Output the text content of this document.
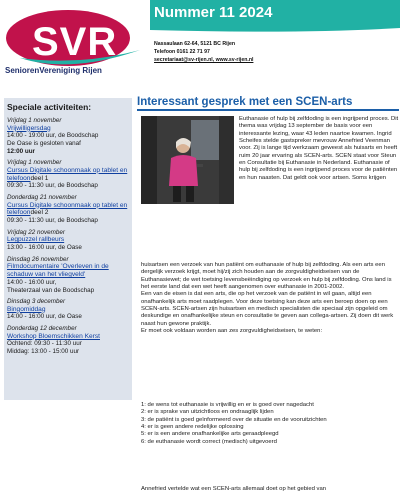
SVR
SeniorenVereniging Rijen
Nummer 11 2024
Nassaulaan 62-64, 5121 BC Rijen
Telefoon 0161 22 71 97
secretariaat@sv-rijen.nl, www.sv-rijen.nl
Speciale activiteiten:
Vrijdag 1 november
Vrijwilligersdag
14:00 - 19:00 uur, de Boodschap
De Oase is gesloten vanaf
12:00 uur
Vrijdag 1 november
Cursus Digitale schoonmaak op tablet en telefoondeel 1
09:30 - 11:30 uur, de Boodschap
Donderdag 21 november
Cursus Digitale schoonmaak op tablet en telefoondeel 2
09:30 - 11:30 uur, de Boodschap
Vrijdag 22 november
Legpuzzel rallbeurs
13:00 - 16:00 uur, de Oase
Dinsdag 26 november
Filmdocumentaire 'Overleven in de schaduw van het vliegveld'
14:00 - 16:00 uur,
Theaterzaal van de Boodschap
Dinsdag 3 december
Bingomiddag
14:00 - 16:00 uur, de Oase
Donderdag 12 december
Workshop Bloemschikken Kerst
Ochtend: 09:30 - 11:30 uur
Middag: 13:00 - 15:00 uur
Interessant gesprek met een SCEN-arts
Euthanasie of hulp bij zelfdoding is een ingrijpend proces. Dit thema was vrijdag 13 september de basis voor een interessante lezing, waar 43 leden naartoe kwamen. Ingrid Scheifes stelde gastspreker mevrouw Annefried Veenman voor. Zij is lange tijd werkzaam geweest als huisarts en heeft ruim 20 jaar ervaring als SCEN-arts. SCEN staat voor Steun en Consultatie bij Euthanasie in Nederland. Euthanasie of hulp bij zelfdoding is een ingrijpend proces voor de patiënten en hun naasten. Dat geldt ook voor artsen. Soms krijgen

huisartsen een verzoek van hun patiënt om euthanasie of hulp bij zelfdoding. Als een arts een dergelijk verzoek krijgt, moet hij/zij zich houden aan de zorgvuldigheidseisen van de Euthanasiewet; de wet toetsing levensbeëindiging op verzoek en hulp bij zelfdoding. Ons land is het eerste land dat een wet heeft aangenomen over euthanasie in 2001-2002.

Een van de eisen is dat een arts, die op het verzoek van de patiënt in wil gaan, altijd een onafhankelijk arts moet raadplegen. Voor deze toetsing kan deze arts een beroep doen op een SCEN-arts. SCEN-artsen zijn huisartsen en medisch specialisten die speciaal zijn opgeleid om deskundige en onafhankelijke steun en consultatie te geven aan collega-artsen. Zij doen dit werk naast hun gewone praktijk.

Er moet ook voldaan worden aan zes zorgvuldigheidseisen, te weten:

1: de wens tot euthanasie is vrijwillig en er is goed over nagedacht
2: er is sprake van uitzichtloos en ondraaglijk lijden
3: de patiënt is goed geïnformeerd over de situatie en de vooruitzichten
4: er is geen andere redelijke oplossing
5: er is een andere onafhankelijke arts geraadpleegd
6: de euthanasie wordt correct (medisch) uitgevoerd
Annefried vertelde wat een SCEN-arts allemaal doet op het gebied van
